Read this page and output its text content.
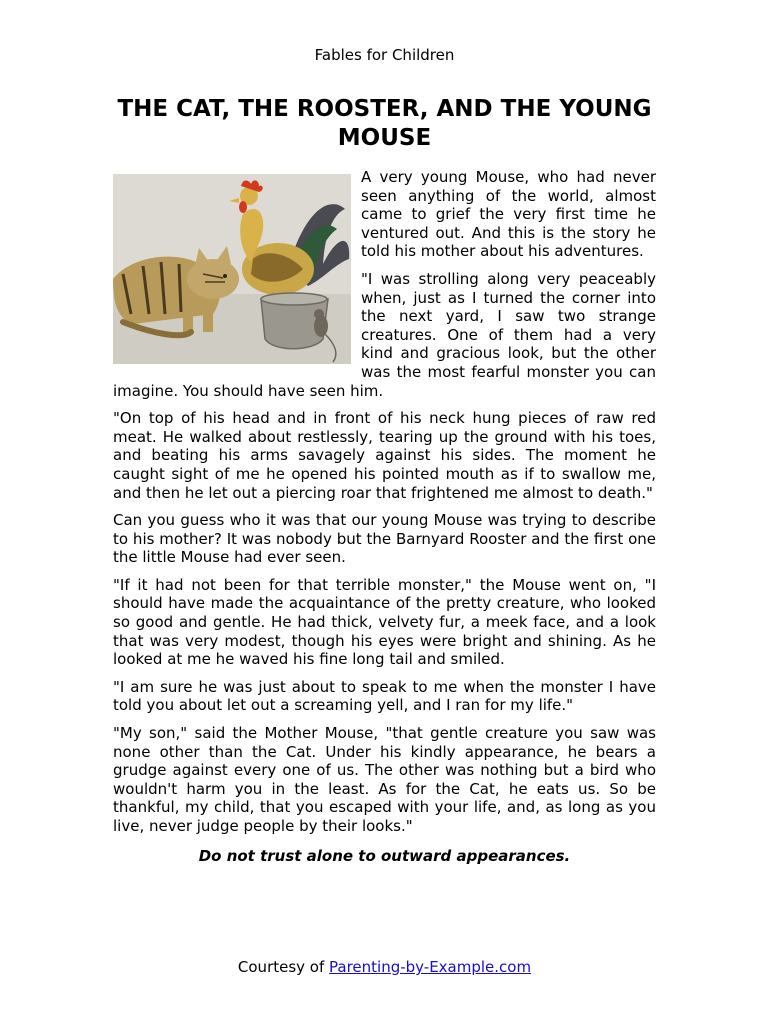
Fables for Children
THE CAT, THE ROOSTER, AND THE YOUNG MOUSE

A very young Mouse, who had never seen anything of the world, almost came to grief the very first time he ventured out. And this is the story he told his mother about his adventures.

"I was strolling along very peaceably when, just as I turned the corner into the next yard, I saw two strange creatures. One of them had a very kind and gracious look, but the other was the most fearful monster you can imagine. You should have seen him.

"On top of his head and in front of his neck hung pieces of raw red meat. He walked about restlessly, tearing up the ground with his toes, and beating his arms savagely against his sides. The moment he caught sight of me he opened his pointed mouth as if to swallow me, and then he let out a piercing roar that frightened me almost to death."

Can you guess who it was that our young Mouse was trying to describe to his mother? It was nobody but the Barnyard Rooster and the first one the little Mouse had ever seen.

"If it had not been for that terrible monster," the Mouse went on, "I should have made the acquaintance of the pretty creature, who looked so good and gentle. He had thick, velvety fur, a meek face, and a look that was very modest, though his eyes were bright and shining. As he looked at me he waved his fine long tail and smiled.

"I am sure he was just about to speak to me when the monster I have told you about let out a screaming yell, and I ran for my life."

"My son," said the Mother Mouse, "that gentle creature you saw was none other than the Cat. Under his kindly appearance, he bears a grudge against every one of us. The other was nothing but a bird who wouldn't harm you in the least. As for the Cat, he eats us. So be thankful, my child, that you escaped with your life, and, as long as you live, never judge people by their looks."

Do not trust alone to outward appearances.
Courtesy of Parenting-by-Example.com
